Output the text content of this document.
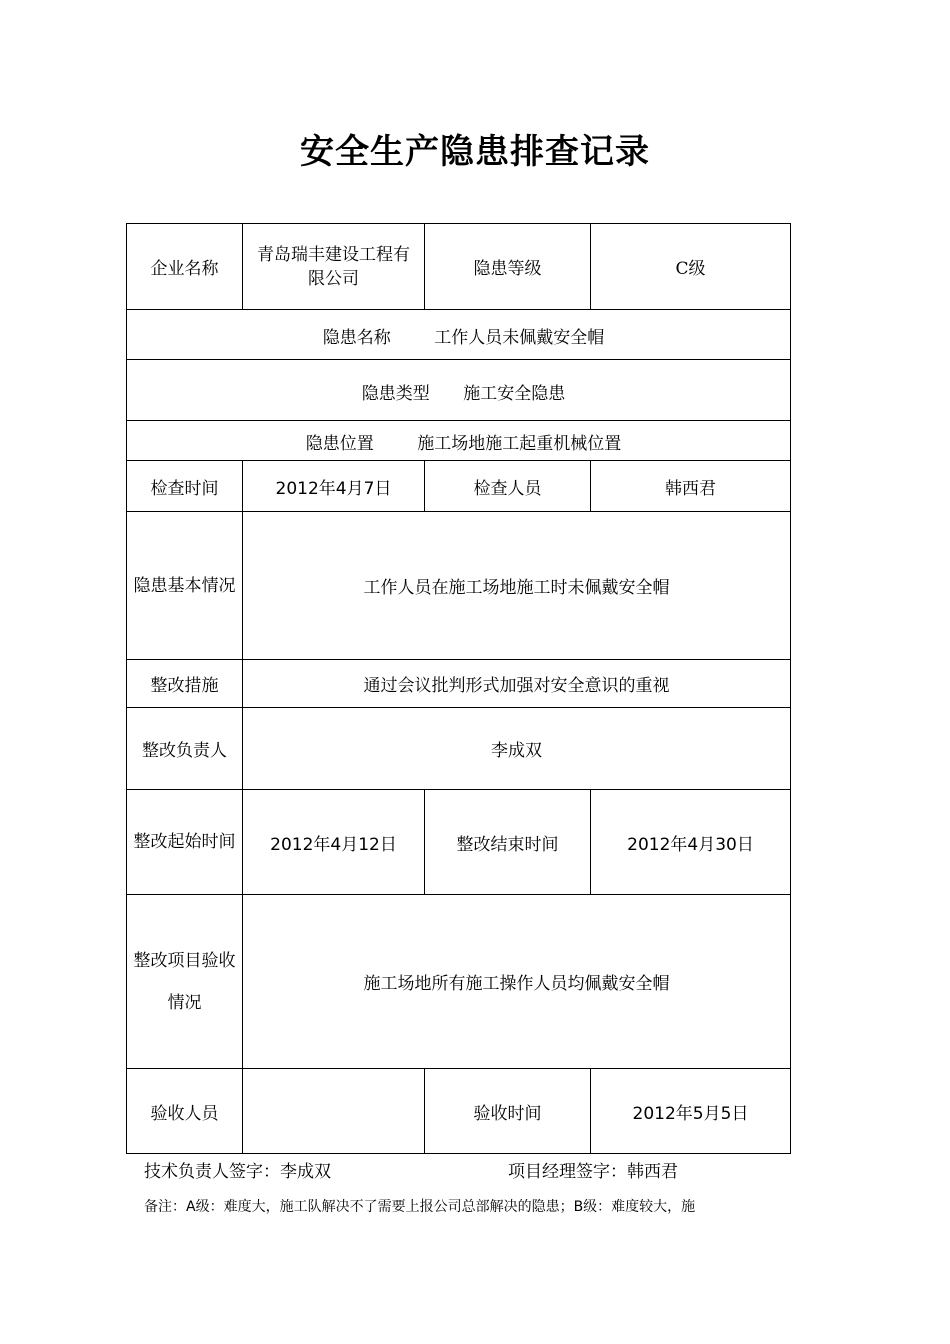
安全生产隐患排查记录
企业名称	青岛瑞丰建设工程有限公司	隐患等级	C级
隐患名称 工作人员未佩戴安全帽			
隐患类型 施工安全隐患			
隐患位置 施工场地施工起重机械位置			
检查时间	2012年4月7日	检查人员	韩西君

隐患基本情况	工作人员在施工场地施工时未佩戴安全帽		
整改措施	通过会议批判形式加强对安全意识的重视		
整改负责人	李成双		

整改起始时间	2012年4月12日	整改结束时间	2012年4月30日

整改项目验收情况	施工场地所有施工操作人员均佩戴安全帽		
验收人员		验收时间	2012年5月5日
技术负责人签字：李成双	项目经理签字：韩西君
备注：A级：难度大，施工队解决不了需要上报公司总部解决的隐患；B级：难度较大，施
